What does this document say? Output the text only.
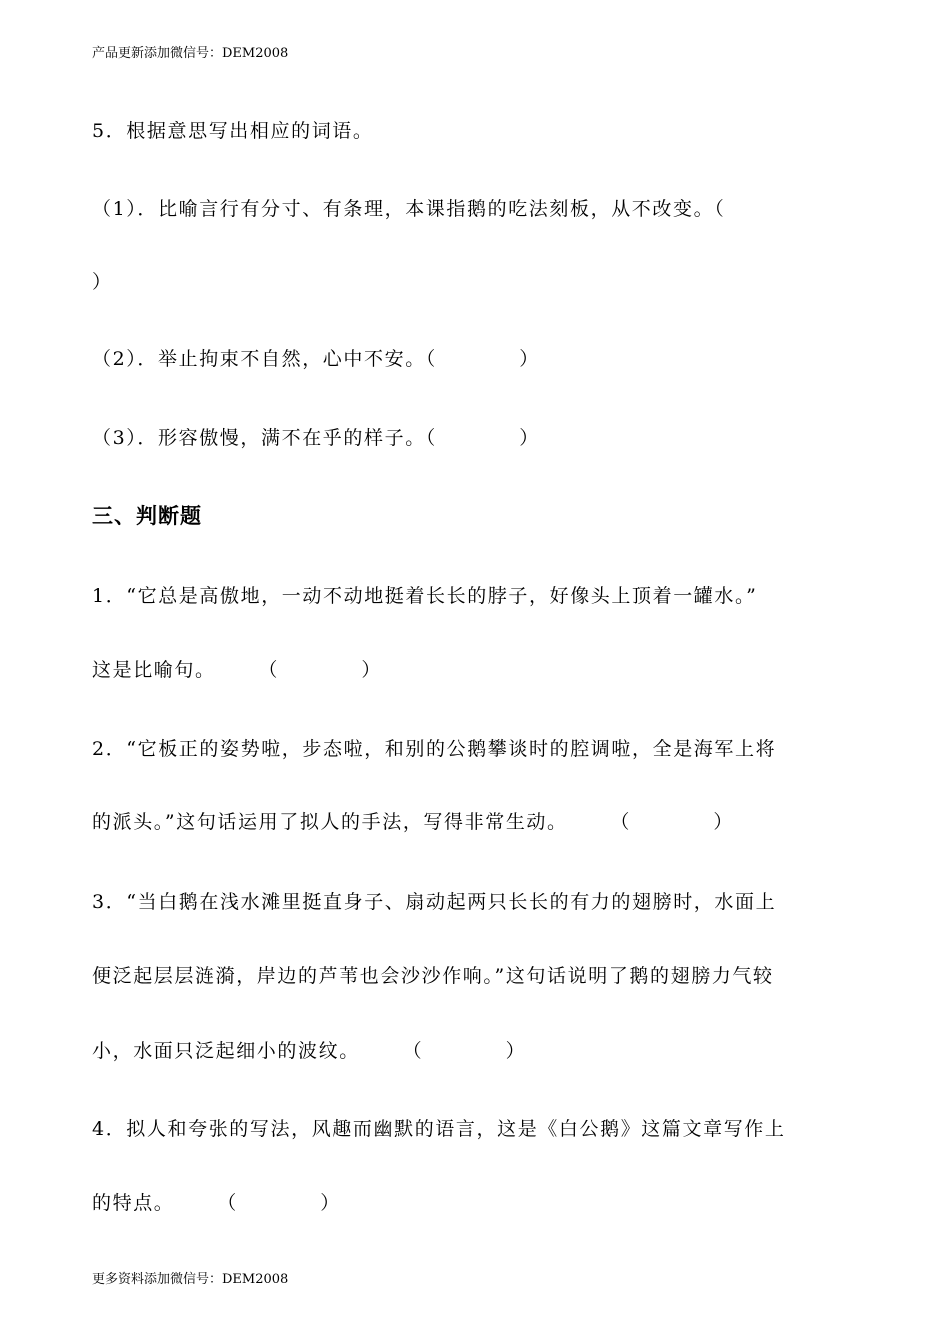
产品更新添加微信号：DEM2008
5．根据意思写出相应的词语。
（1）．比喻言行有分寸、有条理，本课指鹅的吃法刻板，从不改变。（
）
（2）．举止拘束不自然，心中不安。（　　　　）
（3）．形容傲慢，满不在乎的样子。（　　　　）
三、判断题
1．“它总是高傲地，一动不动地挺着长长的脖子，好像头上顶着一罐水。”
这是比喻句。　　　（　　　　）
2．“它板正的姿势啦，步态啦，和别的公鹅攀谈时的腔调啦，全是海军上将
的派头。”这句话运用了拟人的手法，写得非常生动。　　　（　　　　）
3．“当白鹅在浅水滩里挺直身子、扇动起两只长长的有力的翅膀时，水面上
便泛起层层涟漪，岸边的芦苇也会沙沙作响。”这句话说明了鹅的翅膀力气较
小，水面只泛起细小的波纹。　　　（　　　　）
4．拟人和夸张的写法，风趣而幽默的语言，这是《白公鹅》这篇文章写作上
的特点。　　　（　　　　）
更多资料添加微信号：DEM2008
